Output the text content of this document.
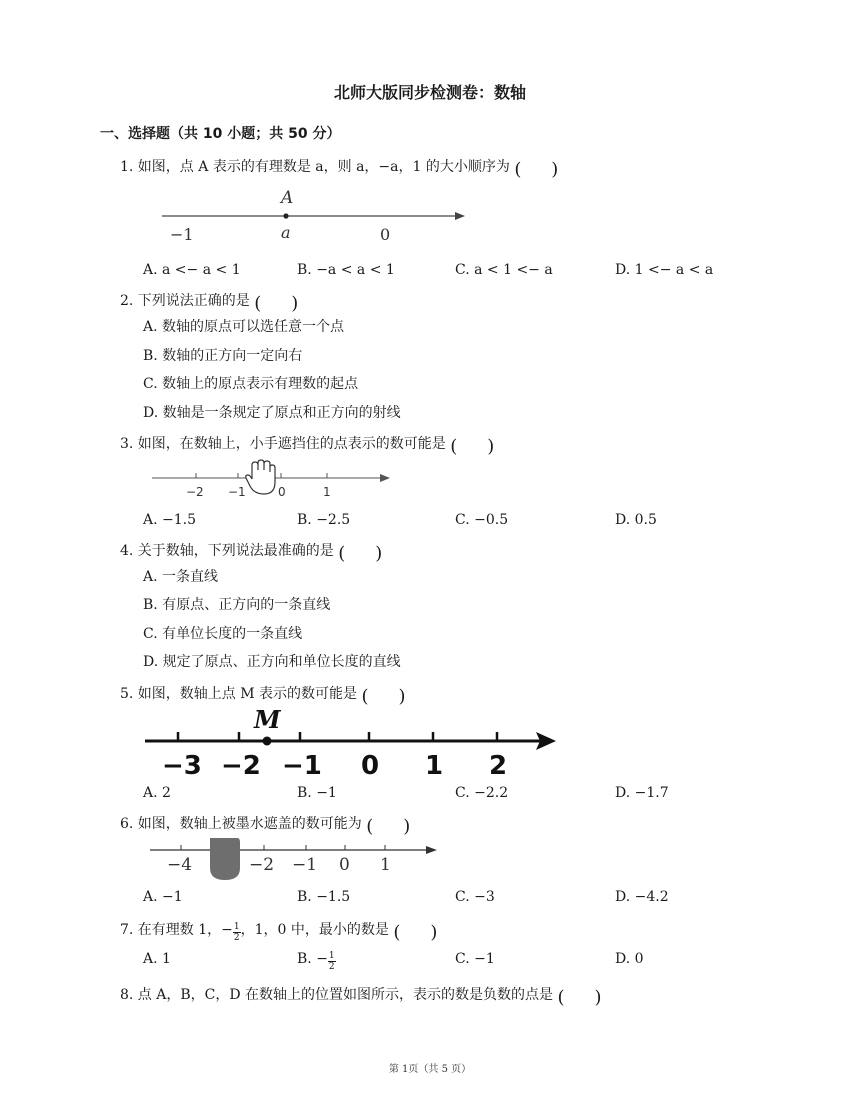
北师大版同步检测卷：数轴
一、选择题（共 10 小题；共 50 分）
1. 如图，点 A 表示的有理数是 a，则 a，−a，1 的大小顺序为 ( )
A
a
−1	0
A. a <− a < 1	B. −a < a < 1	C. a < 1 <− a	D. 1 <− a < a
2. 下列说法正确的是 ( )
A. 数轴的原点可以选任意一个点
B. 数轴的正方向一定向右
C. 数轴上的原点表示有理数的起点
D. 数轴是一条规定了原点和正方向的射线
3. 如图，在数轴上，小手遮挡住的点表示的数可能是 ( )
−2 −1	0	1
A. −1.5	B. −2.5	C. −0.5	D. 0.5
4. 关于数轴，下列说法最准确的是 ( )
A. 一条直线
B. 有原点、正方向的一条直线
C. 有单位长度的一条直线
D. 规定了原点、正方向和单位长度的直线
5. 如图，数轴上点 M 表示的数可能是 ( )
M
−3 −2 −1 0 1 2
A. 2	B. −1	C. −2.2	D. −1.7
6. 如图，数轴上被墨水遮盖的数可能为 ( )
−4	−2 −1 0 1
A. −1	B. −1.5	C. −3	D. −4.2
7. 在有理数 1，− $\frac{1}{2}$ ，1，0 中，最小的数是 ( )
A. 1	B. − $\frac{1}{2}$	C. −1	D. 0
8. 点 A，B，C，D 在数轴上的位置如图所示，表示的数是负数的点是 ( )
第 1页（共 5 页）
